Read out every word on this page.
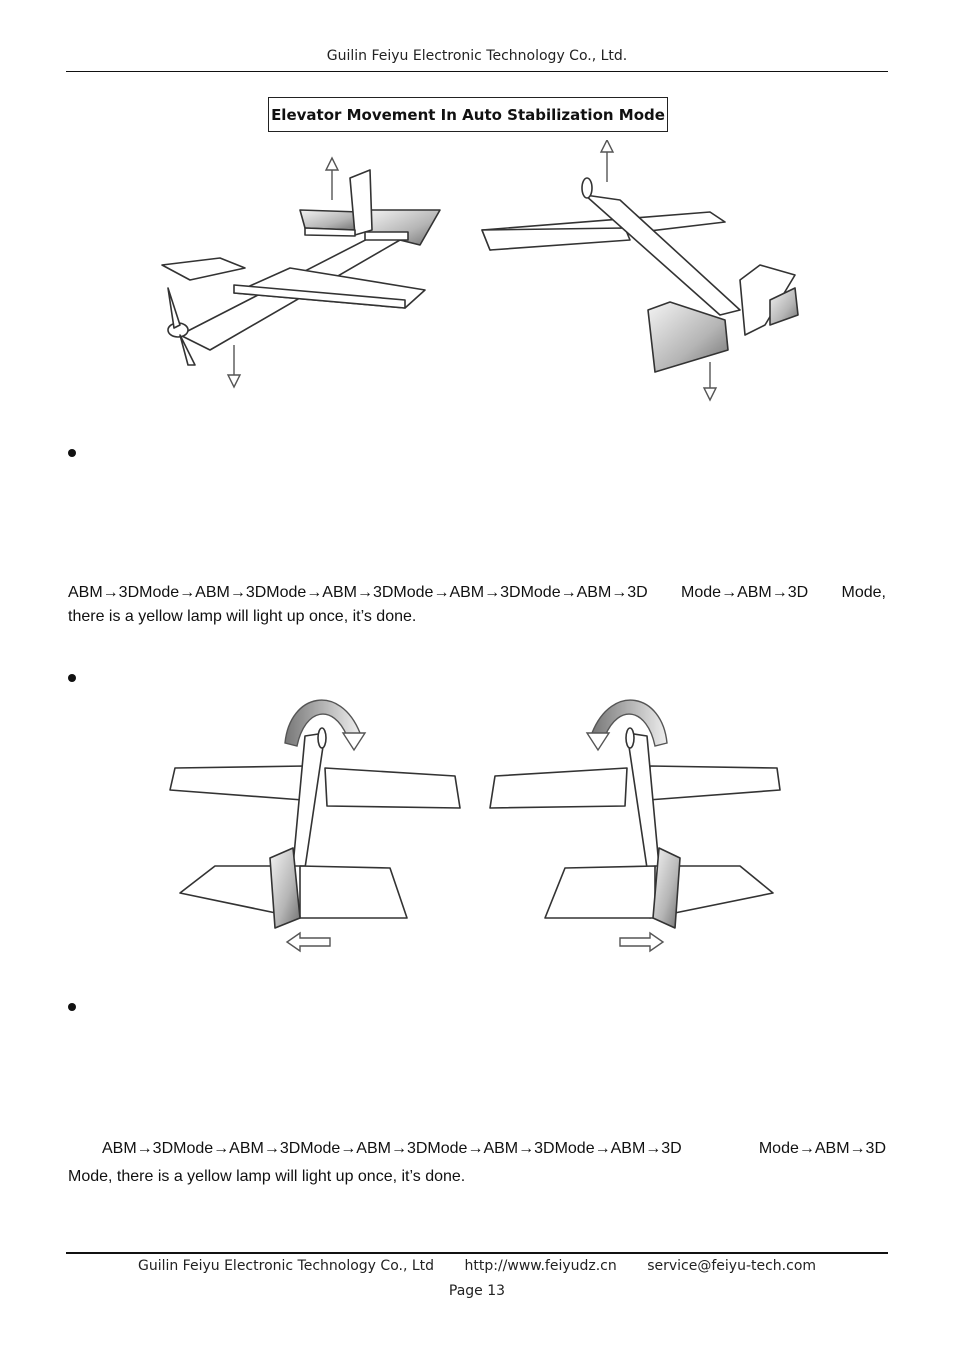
Guilin Feiyu Electronic Technology Co., Ltd.
Elevator Movement In Auto Stabilization Mode
ABM→3DMode→ABM→3DMode→ABM→3DMode→ABM→3DMode→ABM→3D Mode→ABM→3D Mode,
there is a yellow lamp will light up once, it’s done.
ABM→3DMode→ABM→3DMode→ABM→3DMode→ABM→3DMode→ABM→3D Mode→ABM→3D
Mode, there is a yellow lamp will light up once, it’s done.
Guilin Feiyu Electronic Technology Co., Ltd http://www.feiyudz.cn service@feiyu-tech.com
Page 13
